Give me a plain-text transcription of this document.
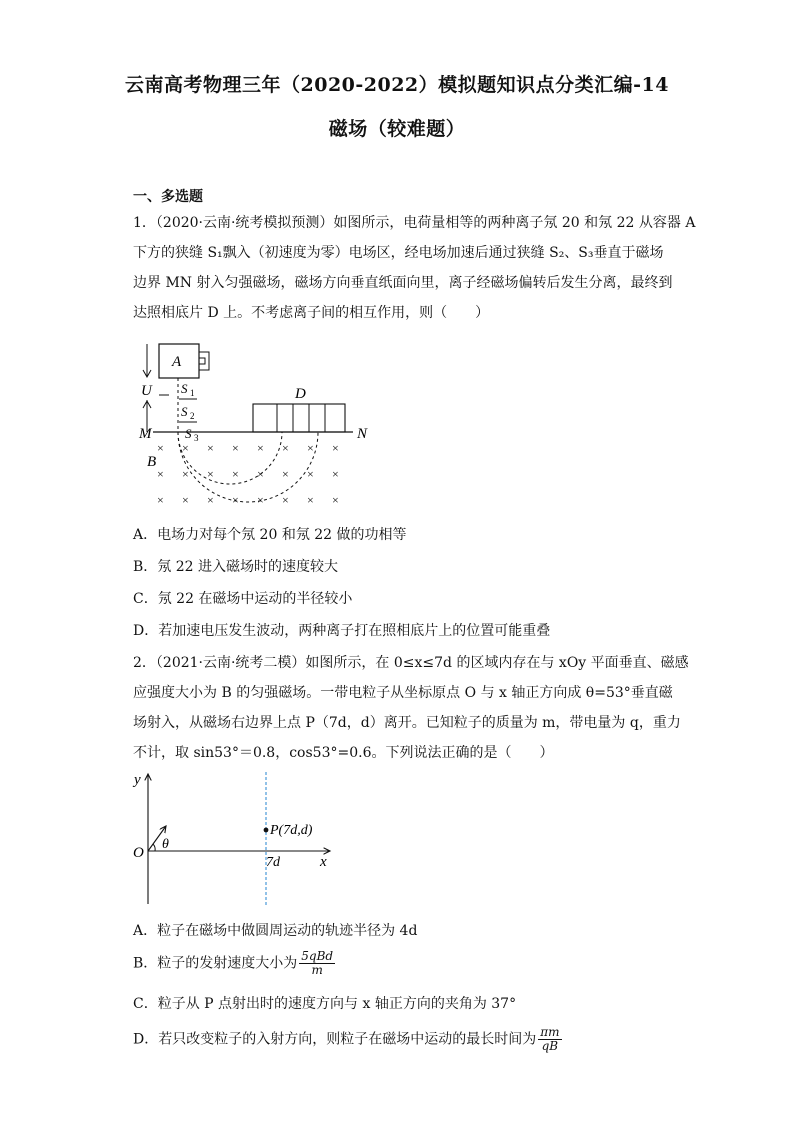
云南高考物理三年（2020-2022）模拟题知识点分类汇编-14
磁场（较难题）
一、多选题
1．（2020·云南·统考模拟预测）如图所示，电荷量相等的两种离子氖 20 和氖 22 从容器 A
下方的狭缝 S₁飘入（初速度为零）电场区，经电场加速后通过狭缝 S₂、S₃垂直于磁场
边界 MN 射入匀强磁场，磁场方向垂直纸面向里，离子经磁场偏转后发生分离，最终到
达照相底片 D 上。不考虑离子间的相互作用，则（　　）
A
U S 1
S 2
S 3
M	N
D
B
× × × × × × × ×
× × × × × × × ×
× × × × × × × ×
A．电场力对每个氖 20 和氖 22 做的功相等
B．氖 22 进入磁场时的速度较大
C．氖 22 在磁场中运动的半径较小
D．若加速电压发生波动，两种离子打在照相底片上的位置可能重叠
2．（2021·云南·统考二模）如图所示，在 0≤x≤7d 的区域内存在与 xOy 平面垂直、磁感
应强度大小为 B 的匀强磁场。一带电粒子从坐标原点 O 与 x 轴正方向成 θ=53°垂直磁
场射入，从磁场右边界上点 P（7d，d）离开。已知粒子的质量为 m，带电量为 q，重力
不计，取 sin53°＝0.8，cos53°=0.6。下列说法正确的是（　　）
y
x
O
θ
P(7d,d)
7d
A．粒子在磁场中做圆周运动的轨迹半径为 4d
B．粒子的发射速度大小为 $\frac{\text{5qBd}}{m}$
C．粒子从 P 点射出时的速度方向与 x 轴正方向的夹角为 37°
D．若只改变粒子的入射方向，则粒子在磁场中运动的最长时间为 $\frac{\pi m}{qB}$
